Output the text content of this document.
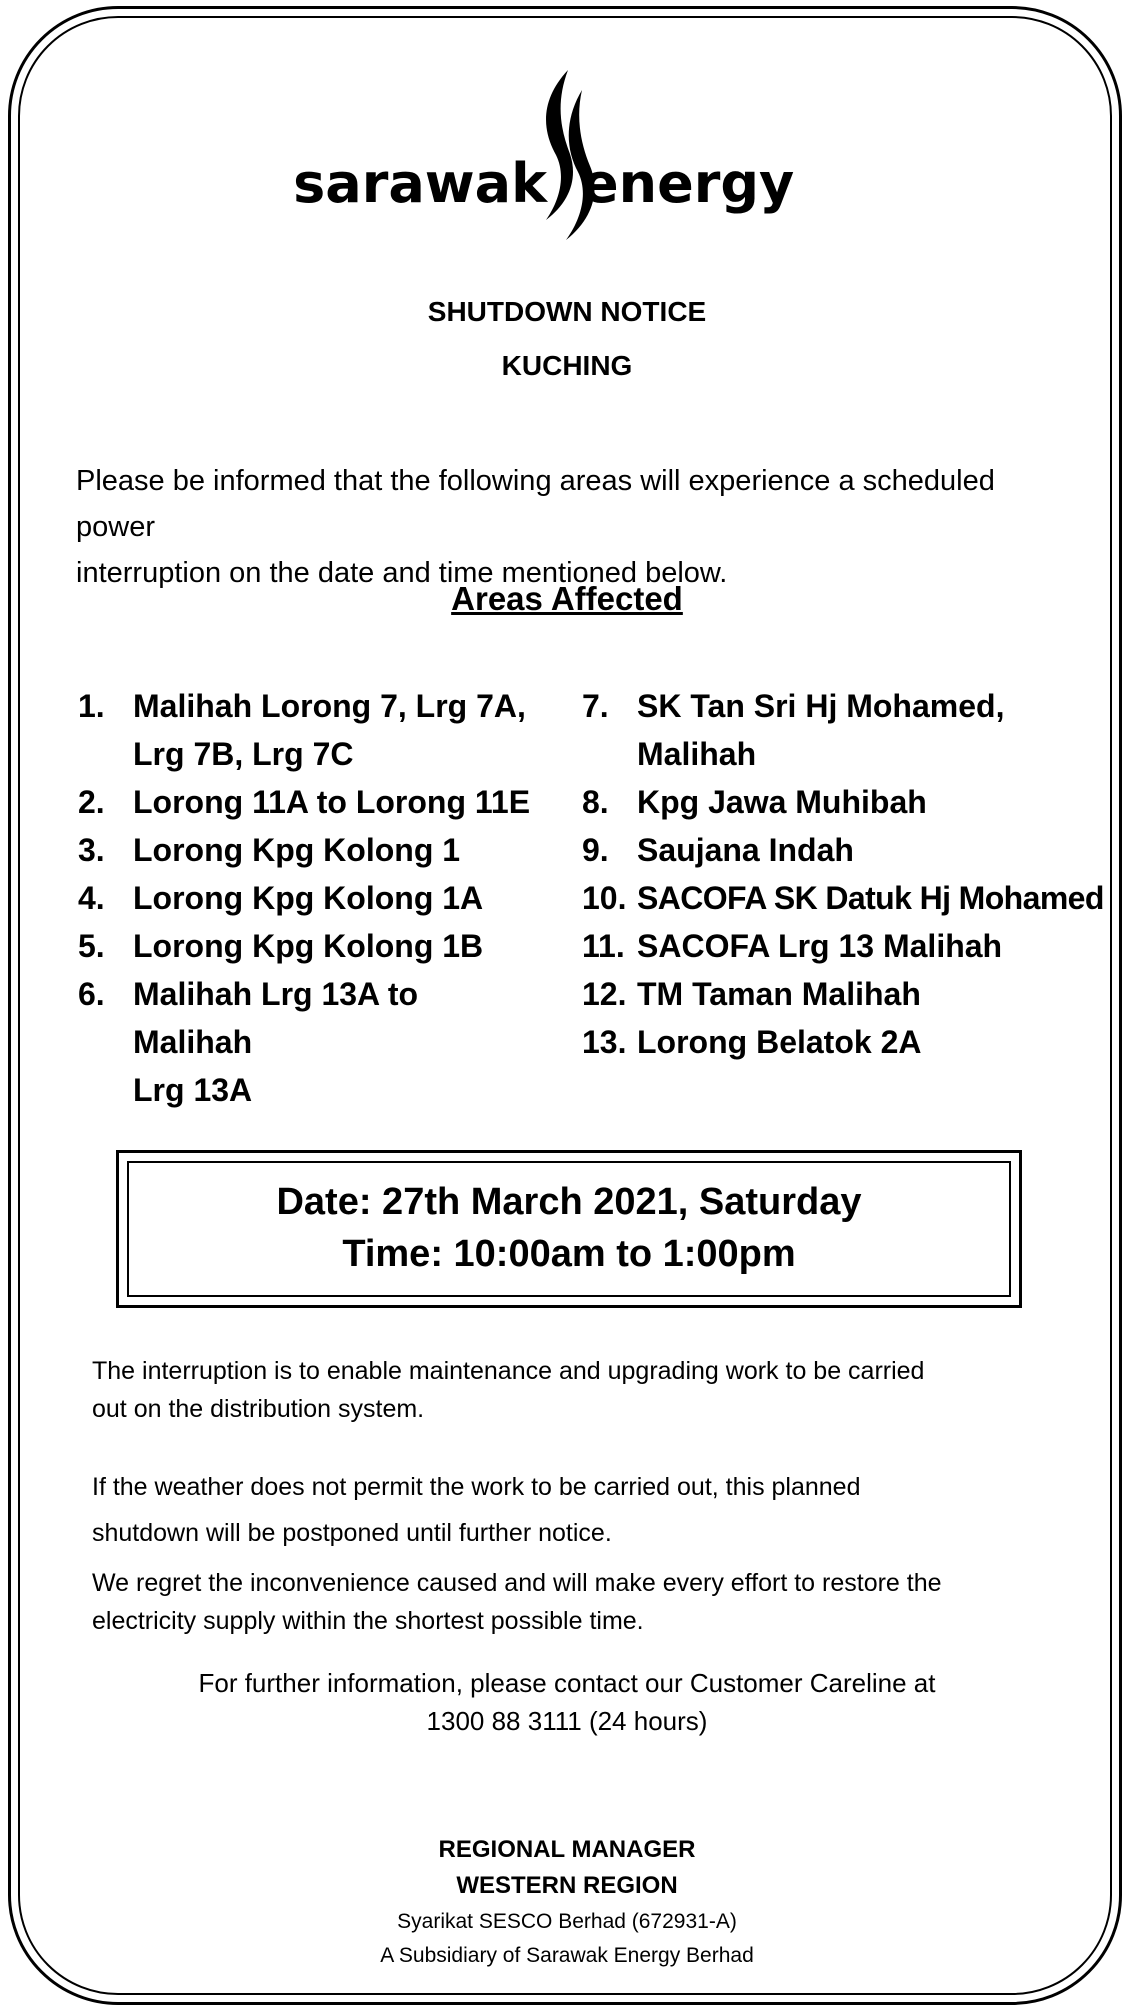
sarawak energy
SHUTDOWN NOTICE
KUCHING
Please be informed that the following areas will experience a scheduled power
interruption on the date and time mentioned below.
Areas Affected
1. Malihah Lorong 7, Lrg 7A,
Lrg 7B, Lrg 7C
2. Lorong 11A to Lorong 11E
3. Lorong Kpg Kolong 1
4. Lorong Kpg Kolong 1A
5. Lorong Kpg Kolong 1B
6. Malihah Lrg 13A to Malihah
Lrg 13A
7. SK Tan Sri Hj Mohamed,
Malihah
8. Kpg Jawa Muhibah
9. Saujana Indah
10. SACOFA SK Datuk Hj Mohamed
11. SACOFA Lrg 13 Malihah
12. TM Taman Malihah
13. Lorong Belatok 2A
Date: 27th March 2021, Saturday
Time: 10:00am to 1:00pm
The interruption is to enable maintenance and upgrading work to be carried
out on the distribution system.
If the weather does not permit the work to be carried out, this planned
shutdown will be postponed until further notice.
We regret the inconvenience caused and will make every effort to restore the
electricity supply within the shortest possible time.
For further information, please contact our Customer Careline at
1300 88 3111 (24 hours)
REGIONAL MANAGER
WESTERN REGION
Syarikat SESCO Berhad (672931-A)
A Subsidiary of Sarawak Energy Berhad
